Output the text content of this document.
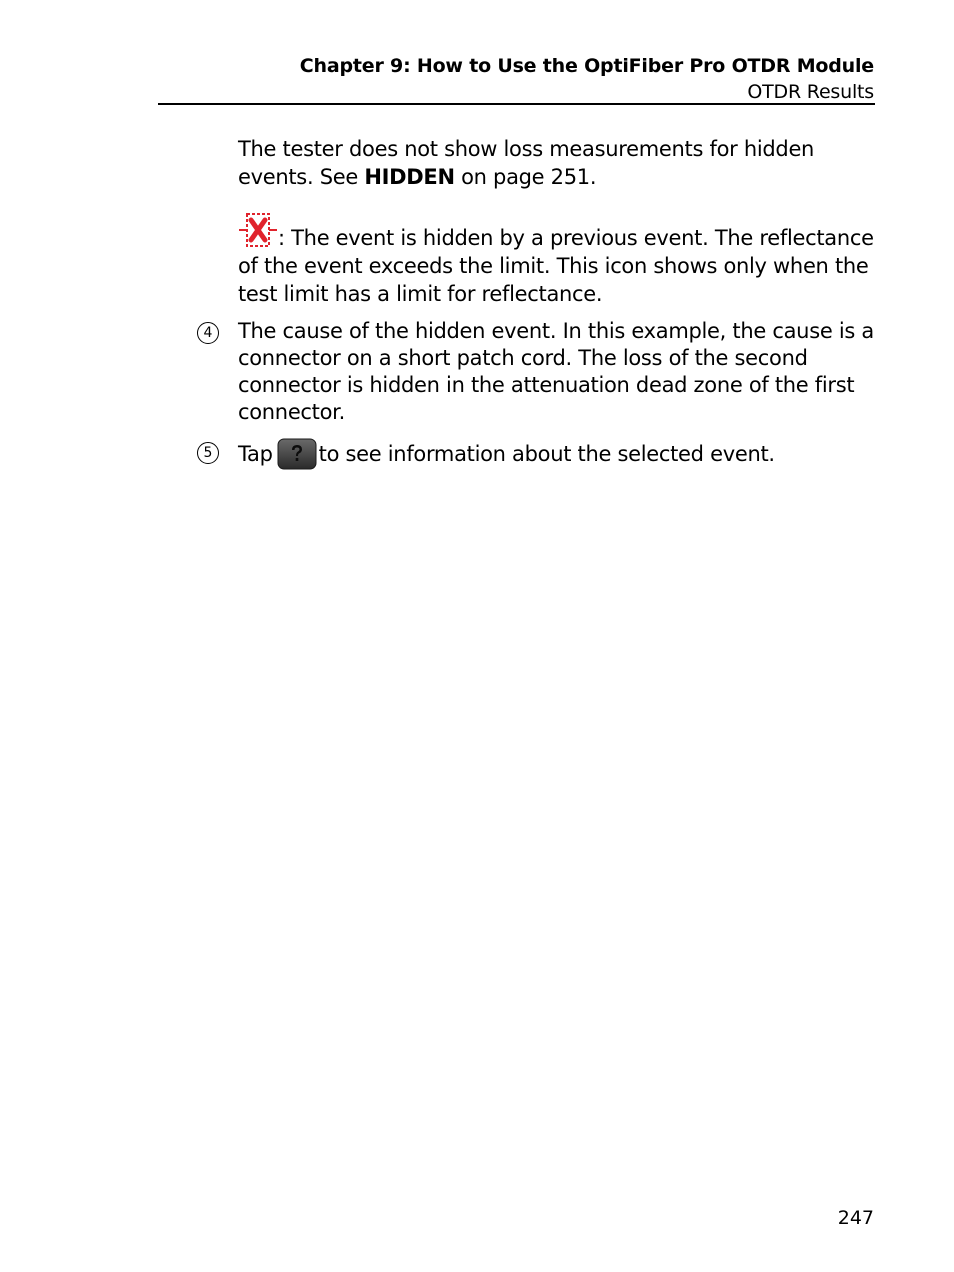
Chapter 9: How to Use the OptiFiber Pro OTDR Module
OTDR Results
The tester does not show loss measurements for hidden events. See HIDDEN on page 251.
: The event is hidden by a previous event. The reflectance of the event exceeds the limit. This icon shows only when the test limit has a limit for reflectance.
4	The cause of the hidden event. In this example, the cause is a connector on a short patch cord. The loss of the second connector is hidden in the attenuation dead zone of the first connector.
5	Tap to see information about the selected event.
247
